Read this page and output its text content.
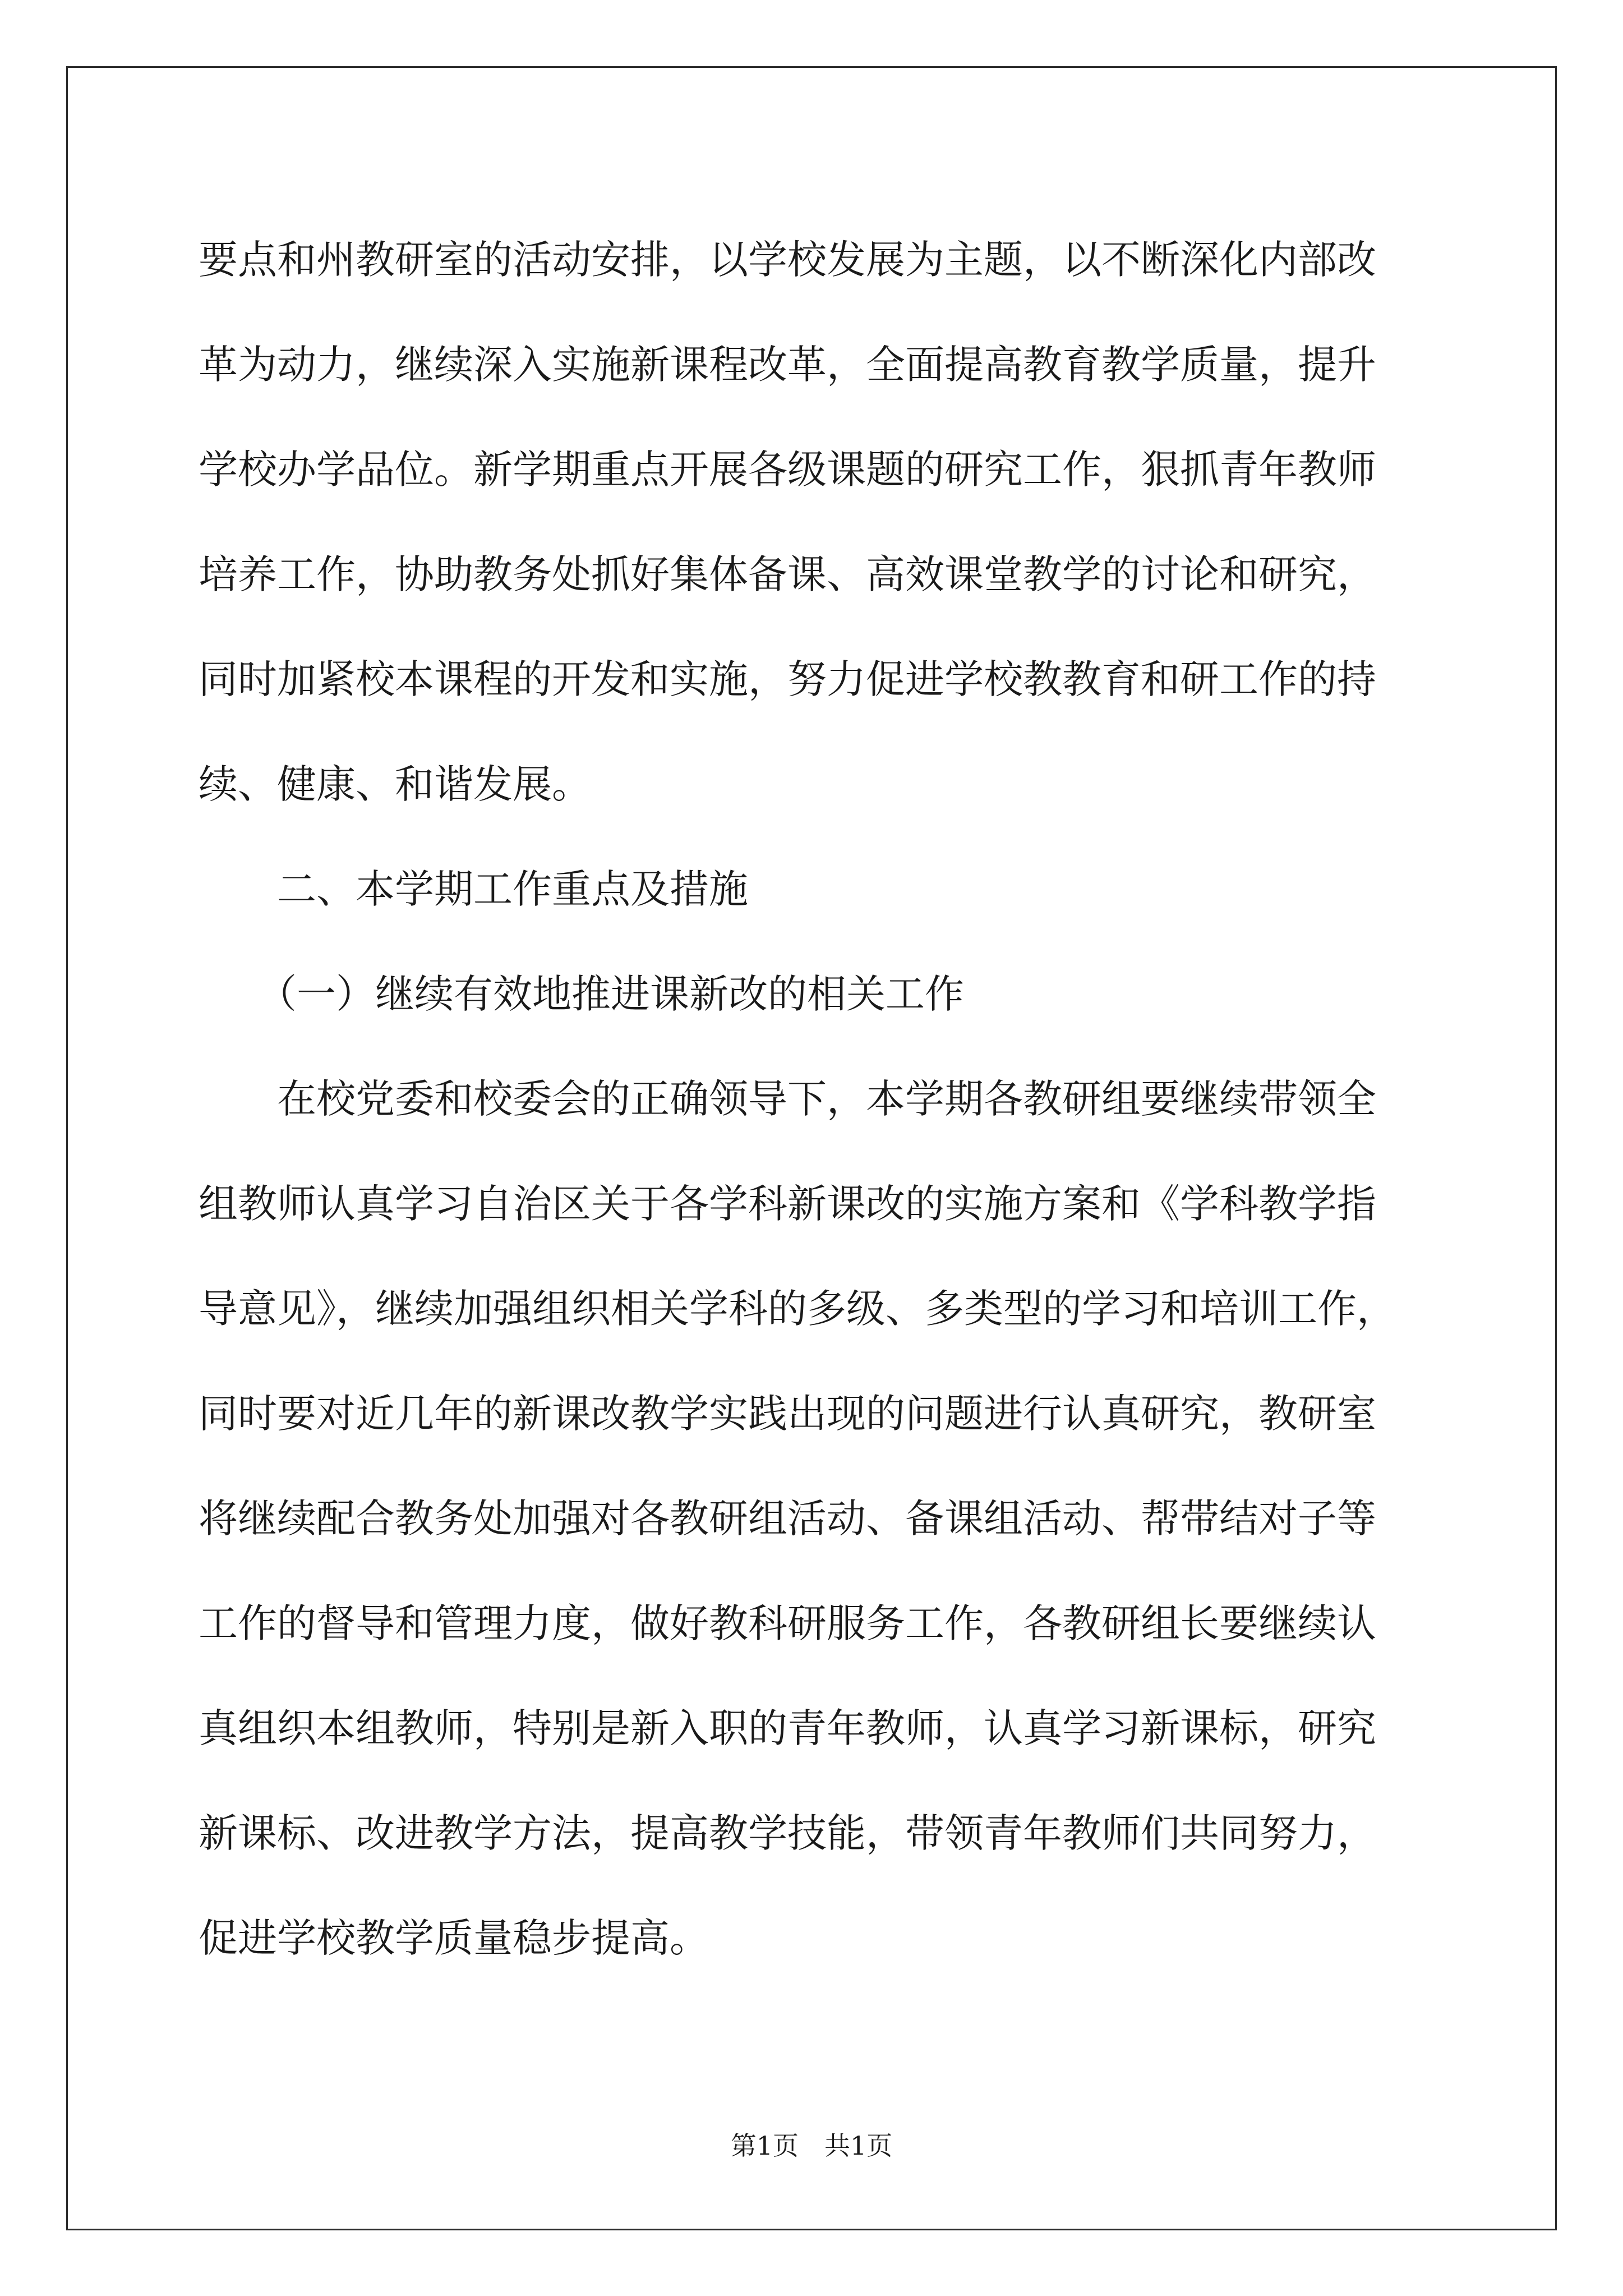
要点和州教研室的活动安排，以学校发展为主题，以不断深化内部改
革为动力，继续深入实施新课程改革，全面提高教育教学质量，提升
学校办学品位。新学期重点开展各级课题的研究工作，狠抓青年教师
培养工作，协助教务处抓好集体备课、高效课堂教学的讨论和研究，
同时加紧校本课程的开发和实施，努力促进学校教教育和研工作的持
续、健康、和谐发展。
二、本学期工作重点及措施
（一）继续有效地推进课新改的相关工作
在校党委和校委会的正确领导下，本学期各教研组要继续带领全
组教师认真学习自治区关于各学科新课改的实施方案和《学科教学指
导意见》，继续加强组织相关学科的多级、多类型的学习和培训工作，
同时要对近几年的新课改教学实践出现的问题进行认真研究，教研室
将继续配合教务处加强对各教研组活动、备课组活动、帮带结对子等
工作的督导和管理力度，做好教科研服务工作，各教研组长要继续认
真组织本组教师，特别是新入职的青年教师，认真学习新课标，研究
新课标、改进教学方法，提高教学技能，带领青年教师们共同努力，
促进学校教学质量稳步提高。
第1页 共1页
